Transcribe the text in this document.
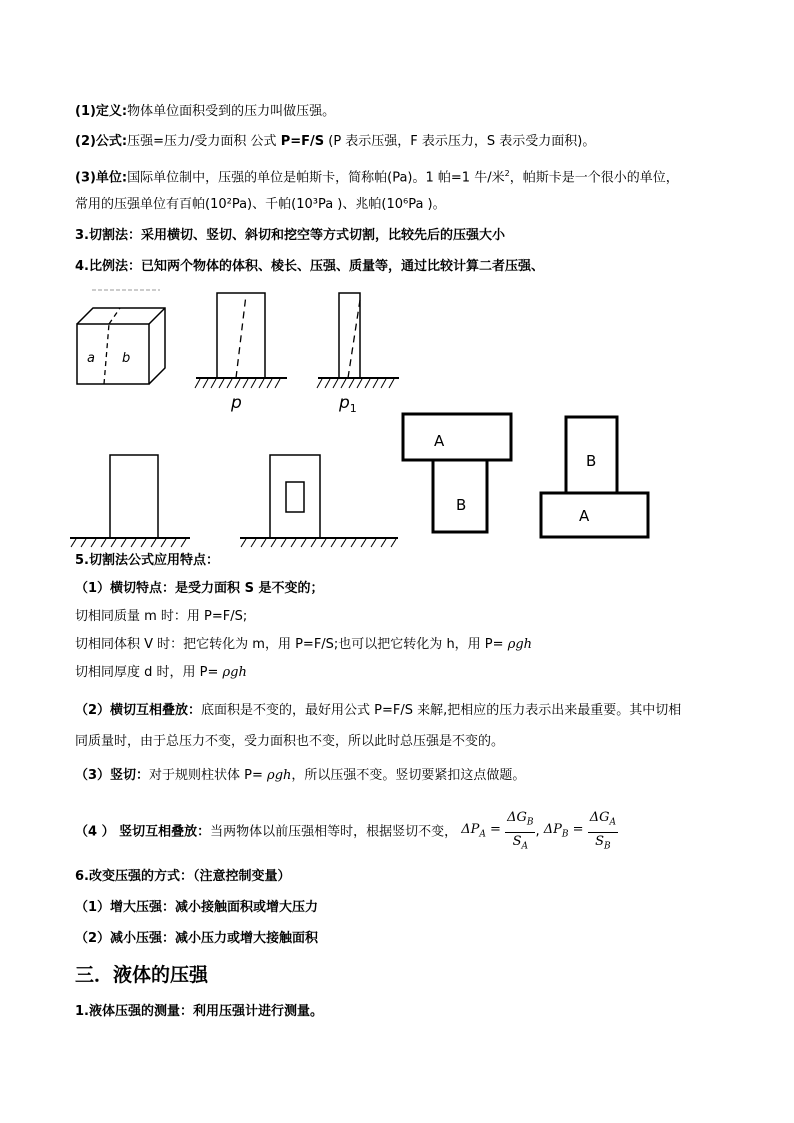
(1)定义:物体单位面积受到的压力叫做压强。
(2)公式:压强=压力/受力面积 公式 P=F/S (P 表示压强，F 表示压力，S 表示受力面积)。
(3)单位:国际单位制中，压强的单位是帕斯卡，简称帕(Pa)。1 帕=1 牛/米$^2$，帕斯卡是一个很小的单位，
常用的压强单位有百帕(10²Pa)、千帕(10³Pa )、兆帕(10⁶Pa )。
3.切割法：采用横切、竖切、斜切和挖空等方式切割，比较先后的压强大小
4.比例法：已知两个物体的体积、棱长、压强、质量等，通过比较计算二者压强、
a b
p	$p_1$
A
B
B
A
5.切割法公式应用特点：
（1）横切特点：是受力面积 S 是不变的；
切相同质量 m 时：用 P=F/S;
切相同体积 V 时：把它转化为 m，用 P=F/S;也可以把它转化为 h，用 P= ρgh
切相同厚度 d 时，用 P= ρgh
（2）横切互相叠放：底面积是不变的，最好用公式 P=F/S 来解,把相应的压力表示出来最重要。其中切相
同质量时，由于总压力不变，受力面积也不变，所以此时总压强是不变的。
（3）竖切：对于规则柱状体 P= ρgh，所以压强不变。竖切要紧扣这点做题。
（4 ） 竖切互相叠放：当两物体以前压强相等时，根据竖切不变， $\Delta P_A = \frac{\Delta G_B}{S_A}$ , $\Delta P_B = \frac{\Delta G_A}{S_B}$
6.改变压强的方式：（注意控制变量）
（1）增大压强：减小接触面积或增大压力
（2）减小压强：减小压力或增大接触面积
三．液体的压强
1.液体压强的测量：利用压强计进行测量。
